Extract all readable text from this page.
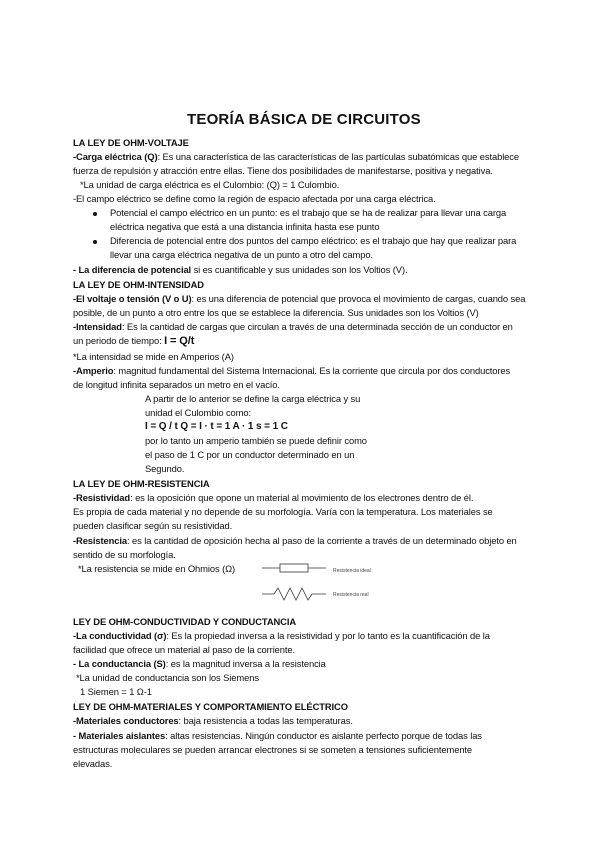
TEORÍA BÁSICA DE CIRCUITOS
LA LEY DE OHM-VOLTAJE
-Carga eléctrica (Q): Es una característica de las características de las partículas subatómicas que establece
fuerza de repulsión y atracción entre ellas. Tiene dos posibilidades de manifestarse, positiva y negativa.
*La unidad de carga eléctrica es el Culombio: (Q) = 1 Culombio.
-El campo eléctrico se define como la región de espacio afectada por una carga eléctrica.
Potencial el campo eléctrico en un punto: es el trabajo que se ha de realizar para llevar una carga
eléctrica negativa que está a una distancia infinita hasta ese punto
Diferencia de potencial entre dos puntos del campo eléctrico: es el trabajo que hay que realizar para
llevar una carga eléctrica negativa de un punto a otro del campo.
- La diferencia de potencial si es cuantificable y sus unidades son los Voltios (V).
LA LEY DE OHM-INTENSIDAD
-El voltaje o tensión (V o U): es una diferencia de potencial que provoca el movimiento de cargas, cuando sea
posible, de un punto a otro entre los que se establece la diferencia. Sus unidades son los Voltios (V)
-Intensidad: Es la cantidad de cargas que circulan a través de una determinada sección de un conductor en
un periodo de tiempo: I = Q/t
*La intensidad se mide en Amperios (A)
-Amperio: magnitud fundamental del Sistema Internacional. Es la corriente que circula por dos conductores
de longitud infinita separados un metro en el vacío.
A partir de lo anterior se define la carga eléctrica y su
unidad el Culombio como:
I = Q / t Q = I · t = 1 A · 1 s = 1 C
por lo tanto un amperio también se puede definir como
el paso de 1 C por un conductor determinado en un
Segundo.
LA LEY DE OHM-RESISTENCIA
-Resistividad: es la oposición que opone un material al movimiento de los electrones dentro de él.
Es propia de cada material y no depende de su morfología. Varía con la temperatura. Los materiales se
pueden clasificar según su resistividad.
-Resistencia: es la cantidad de oposición hecha al paso de la corriente a través de un determinado objeto en
sentido de su morfología.
*La resistencia se mide en Ohmios (Ω)	Resistencia ideal
Resistencia real
LEY DE OHM-CONDUCTIVIDAD Y CONDUCTANCIA
-La conductividad (σ): Es la propiedad inversa a la resistividad y por lo tanto es la cuantificación de la
facilidad que ofrece un material al paso de la corriente.
- La conductancia (S): es la magnitud inversa a la resistencia
*La unidad de conductancia son los Siemens
1 Siemen = 1 Ω-1
LEY DE OHM-MATERIALES Y COMPORTAMIENTO ELÉCTRICO
-Materiales conductores: baja resistencia a todas las temperaturas.
- Materiales aislantes: altas resistencias. Ningún conductor es aislante perfecto porque de todas las
estructuras moleculares se pueden arrancar electrones si se someten a tensiones suficientemente
elevadas.
